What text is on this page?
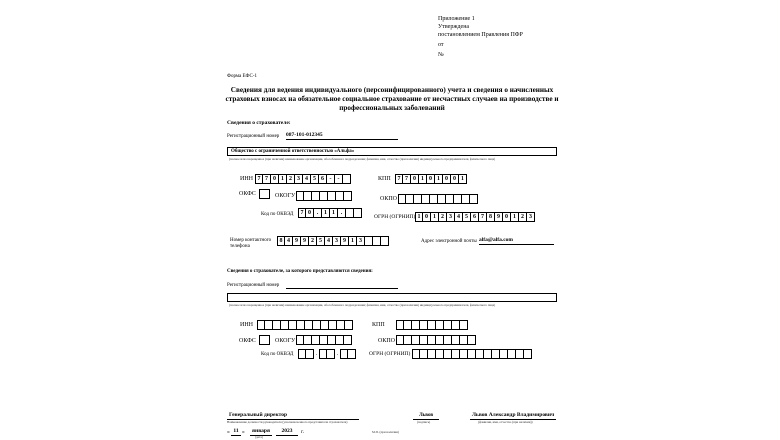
Приложение 1
Утверждена
постановлением Правления ПФР
от
№
Форма ЕФС-1
Сведения для ведения индивидуального (персонифицированного) учета и сведения о начисленных страховых взносах на обязательное социальное страхование от несчастных случаев на производстве и профессиональных заболеваний
Сведения о страхователе:
Регистрационный номер 087-101-012345
Общество с ограниченной ответственностью «Альфа»
(полное или сокращенное (при наличии) наименование организации, обособленного подразделения; фамилия, имя, отчество (при наличии) индивидуального предпринимателя, физического лица)
ИНН 7 7 0 1 2 3 4 5 6 -	-	КПП	7 7 0 1 0 1 0 0 1
ОКФС	ОКОГУ	ОКПО
Код по ОКВЭД	7 0 . 1 1 .
ОГРН (ОГРНИП) 1 0 1 2 3 4 5 6 7 8 9 0 1 2 3
Номер контактного телефона
8 4 9 9 2 5 4 3 9 1 3	Адрес электронной почты alfa@alfa.com
Сведения о страхователе, за которого представляются сведения:
Регистрационный номер
(полное или сокращенное (при наличии) наименование организации, обособленного подразделения; фамилия, имя, отчество (при наличии) индивидуального предпринимателя, физического лица)
ИНН	КПП
ОКФС	ОКОГУ	ОКПО
Код по ОКВЭД	.	.	ОГРН (ОГРНИП)
Генеральный директор
Наименование должности руководителя (уполномоченного представителя страхователя)
Львов
(подпись)
Львов Александр Владимирович
(фамилия, имя, отчество (при наличии))
« 11 »	января	2023	г.
(дата)
М.П. (при наличии)
